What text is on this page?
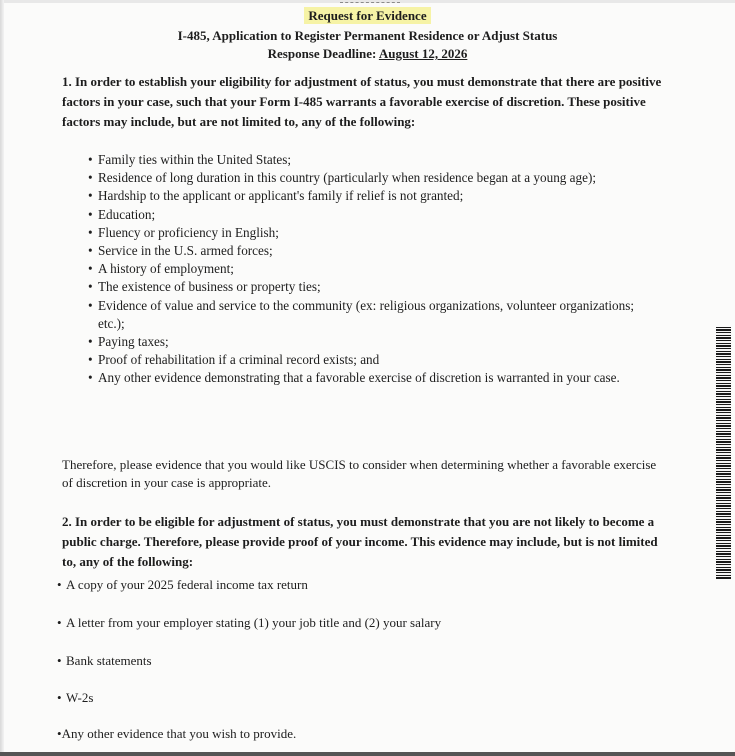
Request for Evidence
I-485, Application to Register Permanent Residence or Adjust Status
Response Deadline: August 12, 2026
1. In order to establish your eligibility for adjustment of status, you must demonstrate that there are positive factors in your case, such that your Form I-485 warrants a favorable exercise of discretion. These positive factors may include, but are not limited to, any of the following:
• Family ties within the United States;
• Residence of long duration in this country (particularly when residence began at a young age);
• Hardship to the applicant or applicant's family if relief is not granted;
• Education;
• Fluency or proficiency in English;
• Service in the U.S. armed forces;
• A history of employment;
• The existence of business or property ties;
• Evidence of value and service to the community (ex: religious organizations, volunteer organizations; etc.);
• Paying taxes;
• Proof of rehabilitation if a criminal record exists; and
• Any other evidence demonstrating that a favorable exercise of discretion is warranted in your case.
Therefore, please evidence that you would like USCIS to consider when determining whether a favorable exercise of discretion in your case is appropriate.
2. In order to be eligible for adjustment of status, you must demonstrate that you are not likely to become a public charge. Therefore, please provide proof of your income. This evidence may include, but is not limited to, any of the following:
• A copy of your 2025 federal income tax return
• A letter from your employer stating (1) your job title and (2) your salary
• Bank statements
• W-2s
•Any other evidence that you wish to provide.
